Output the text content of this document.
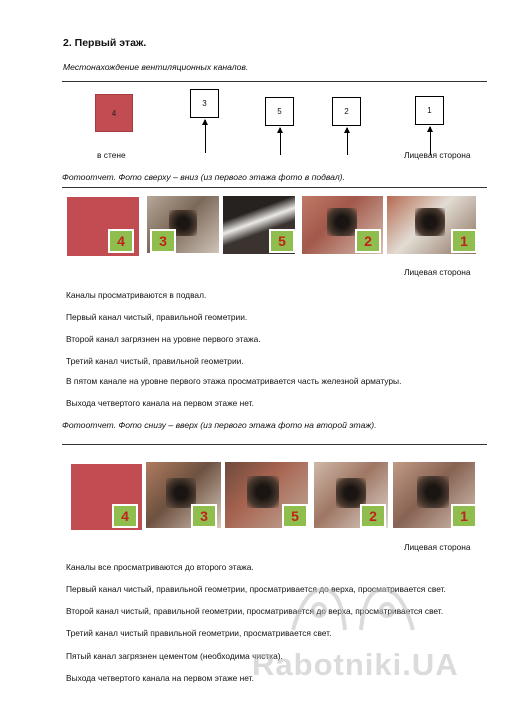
2. Первый этаж.
Местонахождение вентиляционных каналов.
4
3
5	2	1
в стене	Лицевая сторона
Фотоотчет. Фото сверху – вниз (из первого этажа фото в подвал).
4	3	5	2	1
Лицевая сторона
Каналы просматриваются в подвал.
Первый канал чистый, правильной геометрии.
Второй канал загрязнен на уровне первого этажа.
Третий канал чистый, правильной геометрии.
В пятом канале на уровне первого этажа просматривается часть железной арматуры.
Выхода четвертого канала на первом этаже нет.
Фотоотчет. Фото снизу – вверх (из первого этажа фото на второй этаж).
4	3	5	2	1
Лицевая сторона
Каналы все просматриваются до второго этажа.
Первый канал чистый, правильной геометрии, просматривается до верха, просматривается свет.
Второй канал чистый, правильной геометрии, просматривается до верха, просматривается свет.
Третий канал чистый правильной геометрии, просматривается свет.
Пятый канал загрязнен цементом (необходима чистка).
Выхода четвертого канала на первом этаже нет.
Rabotniki.UA
